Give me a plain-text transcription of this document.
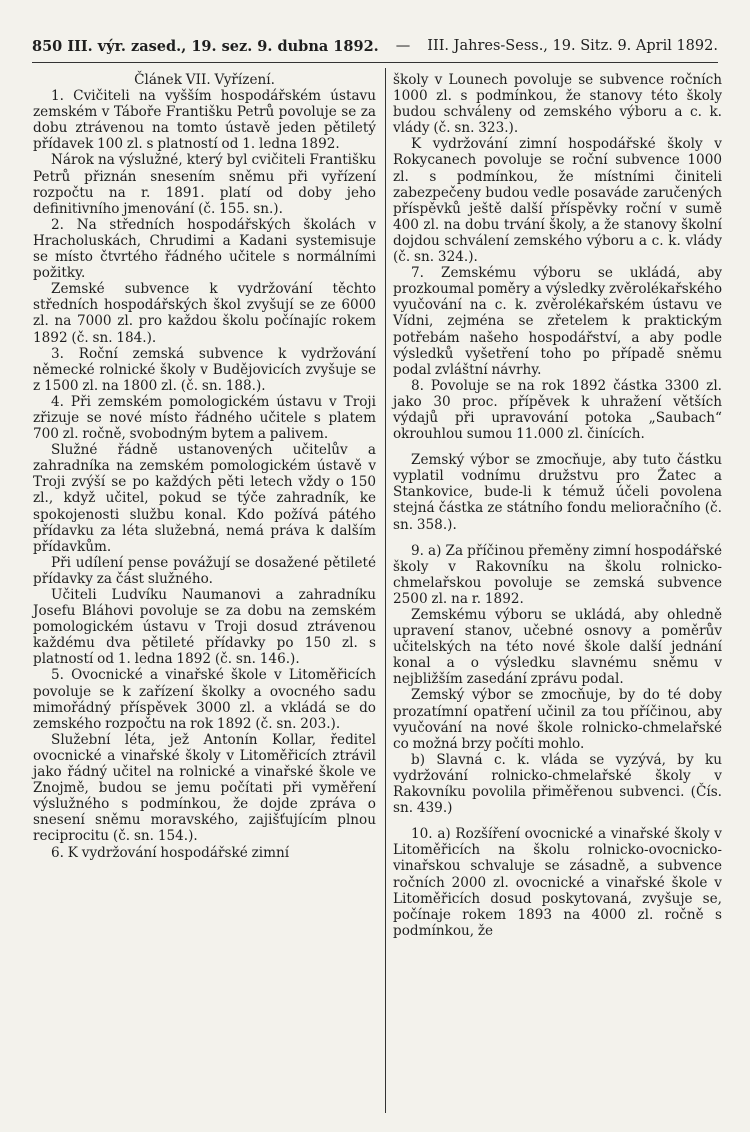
850 III. výr. zased., 19. sez. 9. dubna 1892. — III. Jahres-Sess., 19. Sitz. 9. April 1892.

Článek VII. Vyřízení.

1. Cvičiteli na vyšším hospodářském ústavu zemském v Táboře Františku Petrů povoluje se za dobu ztrávenou na tomto ústavě jeden pětiletý přídavek 100 zl. s platností od 1. ledna 1892.

Nárok na výslužné, který byl cvičiteli Františku Petrů přiznán snesením sněmu při vyřízení rozpočtu na r. 1891. platí od doby jeho definitivního jmenování (č. 155. sn.).

2. Na středních hospodářských školách v Hracholuskách, Chrudimi a Kadani systemisuje se místo čtvrtého řádného učitele s normálními požitky.

Zemské subvence k vydržování těchto středních hospodářských škol zvyšují se ze 6000 zl. na 7000 zl. pro každou školu počínajíc rokem 1892 (č. sn. 184.).

3. Roční zemská subvence k vydržování německé rolnické školy v Budějovicích zvyšuje se z 1500 zl. na 1800 zl. (č. sn. 188.).

4. Při zemském pomologickém ústavu v Troji zřizuje se nové místo řádného učitele s platem 700 zl. ročně, svobodným bytem a palivem.

Služné řádně ustanovených učitelův a zahradníka na zemském pomologickém ústavě v Troji zvýší se po každých pěti letech vždy o 150 zl., když učitel, pokud se týče zahradník, ke spokojenosti službu konal. Kdo požívá pátého přídavku za léta služebná, nemá práva k dalším přídavkům.

Při udílení pense povážují se dosažené pětileté přídavky za část služného.

Učiteli Ludvíku Naumanovi a zahradníku Josefu Bláhovi povoluje se za dobu na zemském pomologickém ústavu v Troji dosud ztrávenou každému dva pětileté přídavky po 150 zl. s platností od 1. ledna 1892 (č. sn. 146.).

5. Ovocnické a vinařské škole v Litoměřicích povoluje se k zařízení školky a ovocného sadu mimořádný příspěvek 3000 zl. a vkládá se do zemského rozpočtu na rok 1892 (č. sn. 203.).

Služební léta, jež Antonín Kollar, ředitel ovocnické a vinařské školy v Litoměřicích ztrávil jako řádný učitel na rolnické a vinařské škole ve Znojmě, budou se jemu počítati při vyměření výslužného s podmínkou, že dojde zpráva o snesení sněmu moravského, zajišťujícím plnou reciprocitu (č. sn. 154.).

6. K vydržování hospodářské zimní

školy v Lounech povoluje se subvence ročních 1000 zl. s podmínkou, že stanovy této školy budou schváleny od zemského výboru a c. k. vlády (č. sn. 323.).

K vydržování zimní hospodářské školy v Rokycanech povoluje se roční subvence 1000 zl. s podmínkou, že místními činiteli zabezpečeny budou vedle posaváde zaručených příspěvků ještě další příspěvky roční v sumě 400 zl. na dobu trvání školy, a že stanovy školní dojdou schválení zemského výboru a c. k. vlády (č. sn. 324.).

7. Zemskému výboru se ukládá, aby prozkoumal poměry a výsledky zvěrolékařského vyučování na c. k. zvěrolékařském ústavu ve Vídni, zejména se zřetelem k praktickým potřebám našeho hospodářství, a aby podle výsledků vyšetření toho po případě sněmu podal zvláštní návrhy.

8. Povoluje se na rok 1892 částka 3300 zl. jako 30 proc. přípěvek k uhražení větších výdajů při upravování potoka „Saubach“ okrouhlou sumou 11.000 zl. činících.

Zemský výbor se zmocňuje, aby tuto částku vyplatil vodnímu družstvu pro Žatec a Stankovice, bude-li k témuž účeli povolena stejná částka ze státního fondu melioračního (č. sn. 358.).

9. a) Za příčinou přeměny zimní hospodářské školy v Rakovníku na školu rolnicko-chmelařskou povoluje se zemská subvence 2500 zl. na r. 1892.

Zemskému výboru se ukládá, aby ohledně upravení stanov, učebné osnovy a poměrův učitelských na této nové škole další jednání konal a o výsledku slavnému sněmu v nejbližším zasedání zprávu podal.

Zemský výbor se zmocňuje, by do té doby prozatímní opatření učinil za tou příčinou, aby vyučování na nové škole rolnicko-chmelařské co možná brzy počíti mohlo.

b) Slavná c. k. vláda se vyzývá, by ku vydržování rolnicko-chmelařské školy v Rakovníku povolila přiměřenou subvenci. (Čís. sn. 439.)

10. a) Rozšíření ovocnické a vinařské školy v Litoměřicích na školu rolnicko-ovocnicko-vinařskou schvaluje se zásadně, a subvence ročních 2000 zl. ovocnické a vinařské škole v Litoměřicích dosud poskytovaná, zvyšuje se, počínaje rokem 1893 na 4000 zl. ročně s podmínkou, že
